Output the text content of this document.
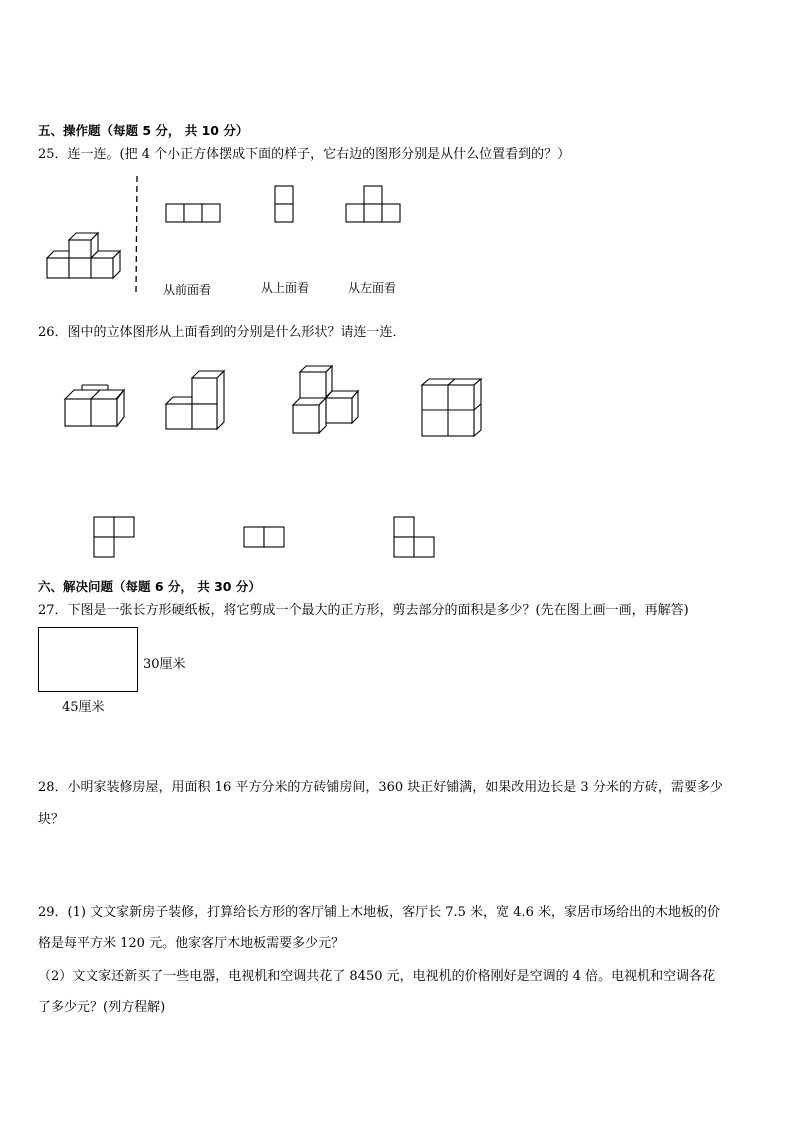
五、操作题（每题 5 分， 共 10 分）
25．连一连。(把 4 个小正方体摆成下面的样子，它右边的图形分别是从什么位置看到的？）
从前面看	从上面看	从左面看
26．图中的立体图形从上面看到的分别是什么形状？请连一连．
六、解决问题（每题 6 分， 共 30 分）
27．下图是一张长方形硬纸板，将它剪成一个最大的正方形，剪去部分的面积是多少？(先在图上画一画，再解答)
30厘米
45厘米
28．小明家装修房屋，用面积 16 平方分米的方砖铺房间，360 块正好铺满，如果改用边长是 3 分米的方砖，需要多少
块？
29．(1) 文文家新房子装修，打算给长方形的客厅铺上木地板，客厅长 7.5 米，宽 4.6 米，家居市场给出的木地板的价
格是每平方米 120 元。他家客厅木地板需要多少元？
（2）文文家还新买了一些电器，电视机和空调共花了 8450 元，电视机的价格刚好是空调的 4 倍。电视机和空调各花
了多少元？(列方程解)
